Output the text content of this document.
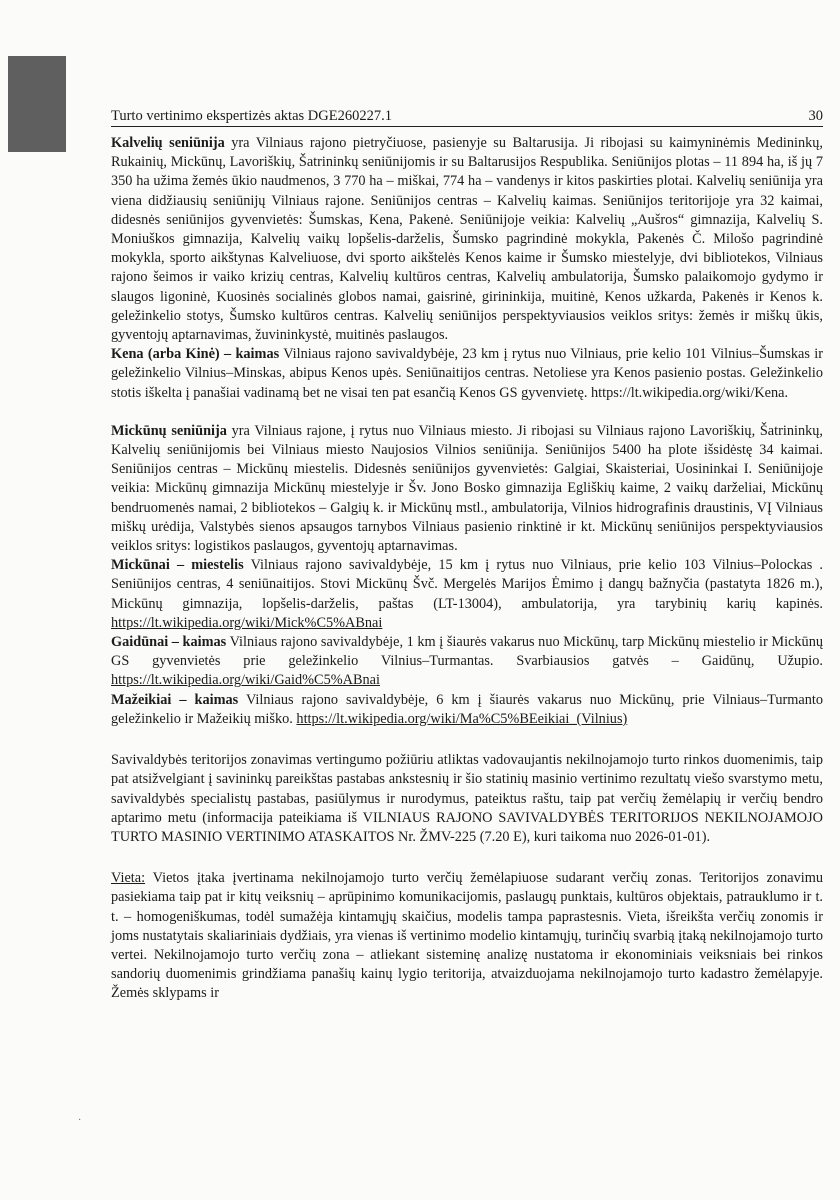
Turto vertinimo ekspertizės aktas DGE260227.1	30

Kalvelių seniūnija yra Vilniaus rajono pietryčiuose, pasienyje su Baltarusija. Ji ribojasi su kaimyninėmis Medininkų, Rukainių, Mickūnų, Lavoriškių, Šatrininkų seniūnijomis ir su Baltarusijos Respublika. Seniūnijos plotas – 11 894 ha, iš jų 7 350 ha užima žemės ūkio naudmenos, 3 770 ha – miškai, 774 ha – vandenys ir kitos paskirties plotai. Kalvelių seniūnija yra viena didžiausių seniūnijų Vilniaus rajone. Seniūnijos centras – Kalvelių kaimas. Seniūnijos teritorijoje yra 32 kaimai, didesnės seniūnijos gyvenvietės: Šumskas, Kena, Pakenė. Seniūnijoje veikia: Kalvelių „Aušros“ gimnazija, Kalvelių S. Moniuškos gimnazija, Kalvelių vaikų lopšelis-darželis, Šumsko pagrindinė mokykla, Pakenės Č. Milošo pagrindinė mokykla, sporto aikštynas Kalveliuose, dvi sporto aikštelės Kenos kaime ir Šumsko miestelyje, dvi bibliotekos, Vilniaus rajono šeimos ir vaiko krizių centras, Kalvelių kultūros centras, Kalvelių ambulatorija, Šumsko palaikomojo gydymo ir slaugos ligoninė, Kuosinės socialinės globos namai, gaisrinė, girininkija, muitinė, Kenos užkarda, Pakenės ir Kenos k. geležinkelio stotys, Šumsko kultūros centras. Kalvelių seniūnijos perspektyviausios veiklos sritys: žemės ir miškų ūkis, gyventojų aptarnavimas, žuvininkystė, muitinės paslaugos.

Kena (arba Kinė) – kaimas Vilniaus rajono savivaldybėje, 23 km į rytus nuo Vilniaus, prie kelio 101 Vilnius–Šumskas ir geležinkelio Vilnius–Minskas, abipus Kenos upės. Seniūnaitijos centras. Netoliese yra Kenos pasienio postas. Geležinkelio stotis iškelta į panašiai vadinamą bet ne visai ten pat esančią Kenos GS gyvenvietę. https://lt.wikipedia.org/wiki/Kena.

Mickūnų seniūnija yra Vilniaus rajone, į rytus nuo Vilniaus miesto. Ji ribojasi su Vilniaus rajono Lavoriškių, Šatrininkų, Kalvelių seniūnijomis bei Vilniaus miesto Naujosios Vilnios seniūnija. Seniūnijos 5400 ha plote išsidėstę 34 kaimai. Seniūnijos centras – Mickūnų miestelis. Didesnės seniūnijos gyvenvietės: Galgiai, Skaisteriai, Uosininkai I. Seniūnijoje veikia: Mickūnų gimnazija Mickūnų miestelyje ir Šv. Jono Bosko gimnazija Egliškių kaime, 2 vaikų darželiai, Mickūnų bendruomenės namai, 2 bibliotekos – Galgių k. ir Mickūnų mstl., ambulatorija, Vilnios hidrografinis draustinis, VĮ Vilniaus miškų urėdija, Valstybės sienos apsaugos tarnybos Vilniaus pasienio rinktinė ir kt. Mickūnų seniūnijos perspektyviausios veiklos sritys: logistikos paslaugos, gyventojų aptarnavimas.

Mickūnai – miestelis Vilniaus rajono savivaldybėje, 15 km į rytus nuo Vilniaus, prie kelio 103 Vilnius–Polockas . Seniūnijos centras, 4 seniūnaitijos. Stovi Mickūnų Švč. Mergelės Marijos Ėmimo į dangų bažnyčia (pastatyta 1826 m.), Mickūnų gimnazija, lopšelis-darželis, paštas (LT-13004), ambulatorija, yra tarybinių karių kapinės. https://lt.wikipedia.org/wiki/Mick%C5%ABnai

Gaidūnai – kaimas Vilniaus rajono savivaldybėje, 1 km į šiaurės vakarus nuo Mickūnų, tarp Mickūnų miestelio ir Mickūnų GS gyvenvietės prie geležinkelio Vilnius–Turmantas. Svarbiausios gatvės – Gaidūnų, Užupio. https://lt.wikipedia.org/wiki/Gaid%C5%ABnai

Mažeikiai – kaimas Vilniaus rajono savivaldybėje, 6 km į šiaurės vakarus nuo Mickūnų, prie Vilniaus–Turmanto geležinkelio ir Mažeikių miško. https://lt.wikipedia.org/wiki/Ma%C5%BEeikiai_(Vilnius)

Savivaldybės teritorijos zonavimas vertingumo požiūriu atliktas vadovaujantis nekilnojamojo turto rinkos duomenimis, taip pat atsižvelgiant į savininkų pareikštas pastabas ankstesnių ir šio statinių masinio vertinimo rezultatų viešo svarstymo metu, savivaldybės specialistų pastabas, pasiūlymus ir nurodymus, pateiktus raštu, taip pat verčių žemėlapių ir verčių bendro aptarimo metu (informacija pateikiama iš VILNIAUS RAJONO SAVIVALDYBĖS TERITORIJOS NEKILNOJAMOJO TURTO MASINIO VERTINIMO ATASKAITOS Nr. ŽMV-225 (7.20 E), kuri taikoma nuo 2026-01-01).

Vieta: Vietos įtaka įvertinama nekilnojamojo turto verčių žemėlapiuose sudarant verčių zonas. Teritorijos zonavimu pasiekiama taip pat ir kitų veiksnių – aprūpinimo komunikacijomis, paslaugų punktais, kultūros objektais, patrauklumo ir t. t. – homogeniškumas, todėl sumažėja kintamųjų skaičius, modelis tampa paprastesnis. Vieta, išreikšta verčių zonomis ir joms nustatytais skaliariniais dydžiais, yra vienas iš vertinimo modelio kintamųjų, turinčių svarbią įtaką nekilnojamojo turto vertei. Nekilnojamojo turto verčių zona – atliekant sisteminę analizę nustatoma ir ekonominiais veiksniais bei rinkos sandorių duomenimis grindžiama panašių kainų lygio teritorija, atvaizduojama nekilnojamojo turto kadastro žemėlapyje. Žemės sklypams ir

·
